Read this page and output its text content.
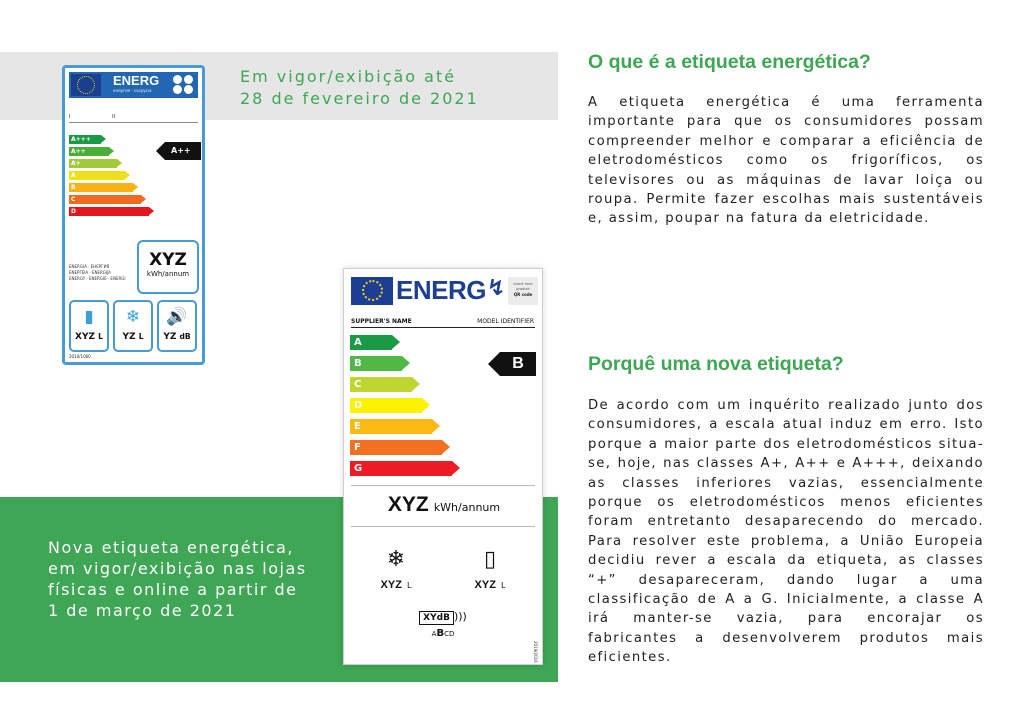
ENERG
енергия · ενεργεια
I	II
A+++
A++
A+
A
B
C
D
A++
XYZ
kWh/annum
ENERGIA · ЕНЕРГИЯ
ΕΝΕΡΓΕΙΑ · ENERGIJA
ENERGY · ENERGIE · ENERGI
▮
XYZ L
❄
YZ L
🔊
YZ dB
2010/1060
Em vigor/exibição até
28 de fevereiro de 2021
ENERG ↯	Insert here
product
QR code
SUPPLIER'S NAME	MODEL IDENTIFIER
A
B
C
D
E
F
G
B
XYZ kWh/annum
❄
XYZ L
▯
XYZ L
XYdB )))
ABCD
2019/2016
Nova etiqueta energética,
em vigor/exibição nas lojas
físicas e online a partir de
1 de março de 2021
O que é a etiqueta energética?

A etiqueta energética é uma ferramenta importante para que os consumidores possam compreender melhor e comparar a eficiência de eletrodomésticos como os frigoríficos, os televisores ou as máquinas de lavar loiça ou roupa. Permite fazer escolhas mais sustentáveis e, assim, poupar na fatura da eletricidade.

Porquê uma nova etiqueta?

De acordo com um inquérito realizado junto dos consumidores, a escala atual induz em erro. Isto porque a maior parte dos eletrodomésticos situa-se, hoje, nas classes A+, A++ e A+++, deixando as classes inferiores vazias, essencialmente porque os eletrodomésticos menos eficientes foram entretanto desaparecendo do mercado. Para resolver este problema, a União Europeia decidiu rever a escala da etiqueta, as classes “+” desapareceram, dando lugar a uma classificação de A a G. Inicialmente, a classe A irá manter-se vazia, para encorajar os fabricantes a desenvolverem produtos mais eficientes.
